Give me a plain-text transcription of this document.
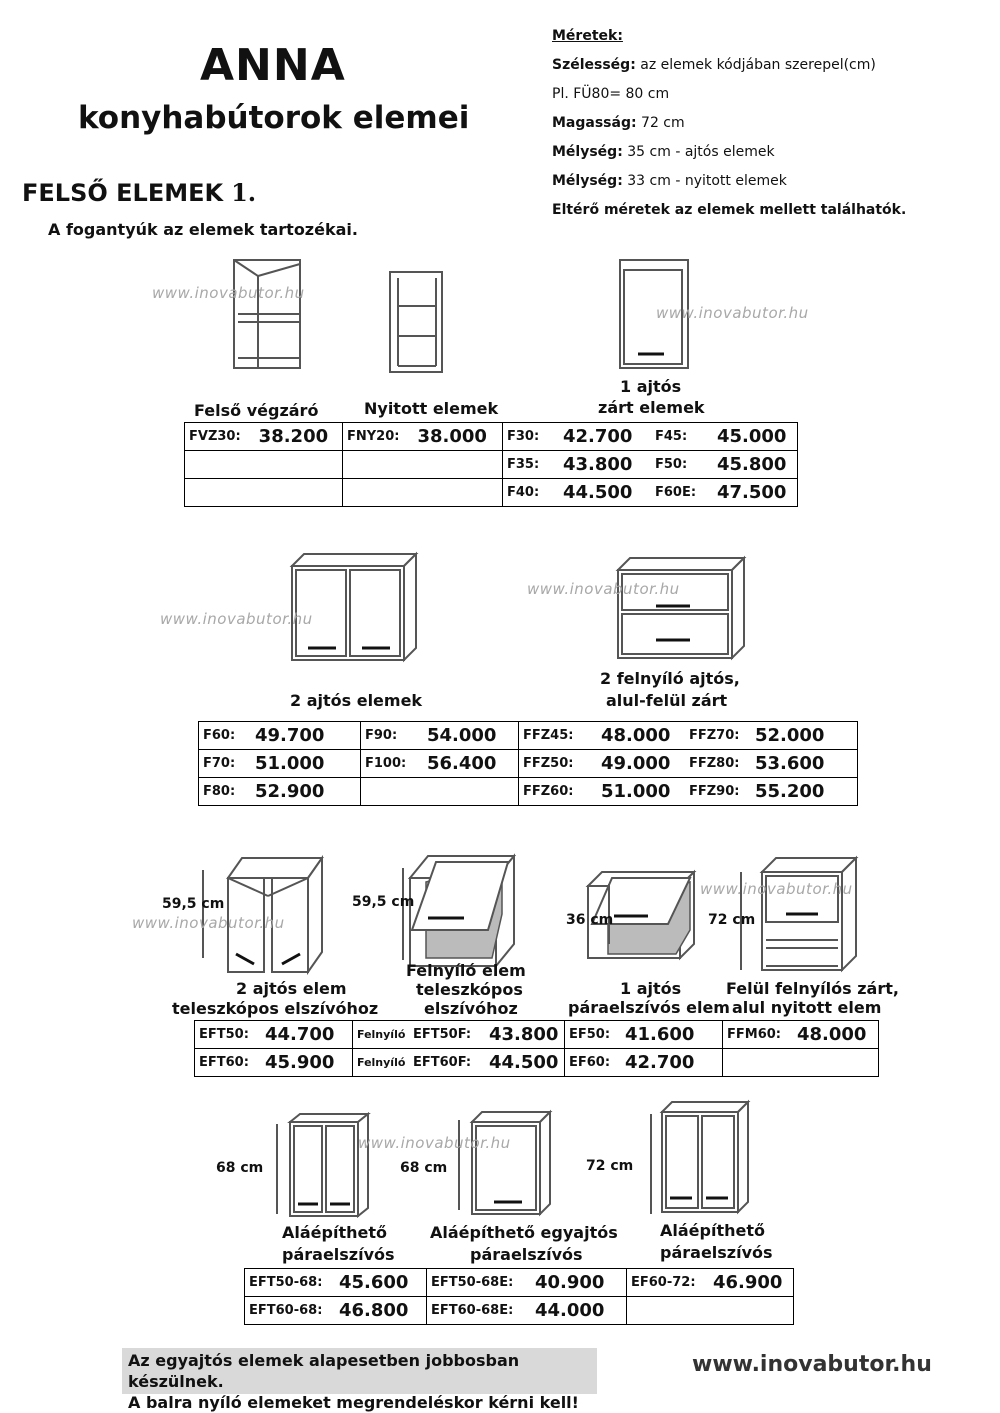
ANNA
konyhabútorok elemei
FELSŐ ELEMEK 1.
A fogantyúk az elemek tartozékai.
Méretek:
Szélesség: az elemek kódjában szerepel(cm)
Pl. FÜ80= 80 cm
Magasság: 72 cm
Mélység: 35 cm - ajtós elemek
Mélység: 33 cm - nyitott elemek
Eltérő méretek az elemek mellett találhatók.
www.inovabutor.hu
www.inovabutor.hu
Felső végzáró	Nyitott elemek
1 ajtós
zárt elemek
FVZ30: 38.200	FNY20: 38.000	F30: 42.700 F45: 45.000

		F35: 43.800 F50: 45.800

		F40: 44.500 F60E: 47.500
www.inovabutor.hu
www.inovabutor.hu
2 ajtós elemek
2 felnyíló ajtós,
alul-felül zárt
F60: 49.700	F90: 54.000	FFZ45: 48.000 FFZ70: 52.000

F70: 51.000	F100: 56.400	FFZ50: 49.000 FFZ80: 53.600

F80: 52.900		FFZ60: 51.000 FFZ90: 55.200
59,5 cm	59,5 cm
36 cm	72 cm
www.inovabutor.hu
www.inovabutor.hu
2 ajtós elem
teleszkópos elszívóhoz
Felnyíló elem
teleszkópos
elszívóhoz
1 ajtós
páraelszívós elem
Felül felnyílós zárt,
alul nyitott elem
EFT50: 44.700	Felnyíló EFT50F: 43.800	EF50: 41.600	FFM60: 48.000

EFT60: 45.900	Felnyíló EFT60F: 44.500	EF60: 42.700	

68 cm	68 cm	72 cm
www.inovabutor.hu
Aláépíthető
páraelszívós
Aláépíthető egyajtós
páraelszívós
Aláépíthető
páraelszívós
EFT50-68: 45.600	EFT50-68E: 40.900	EF60-72: 46.900

EFT60-68: 46.800	EFT60-68E: 44.000	

Az egyajtós elemek alapesetben jobbosban készülnek.
A balra nyíló elemeket megrendeléskor kérni kell!
www.inovabutor.hu
